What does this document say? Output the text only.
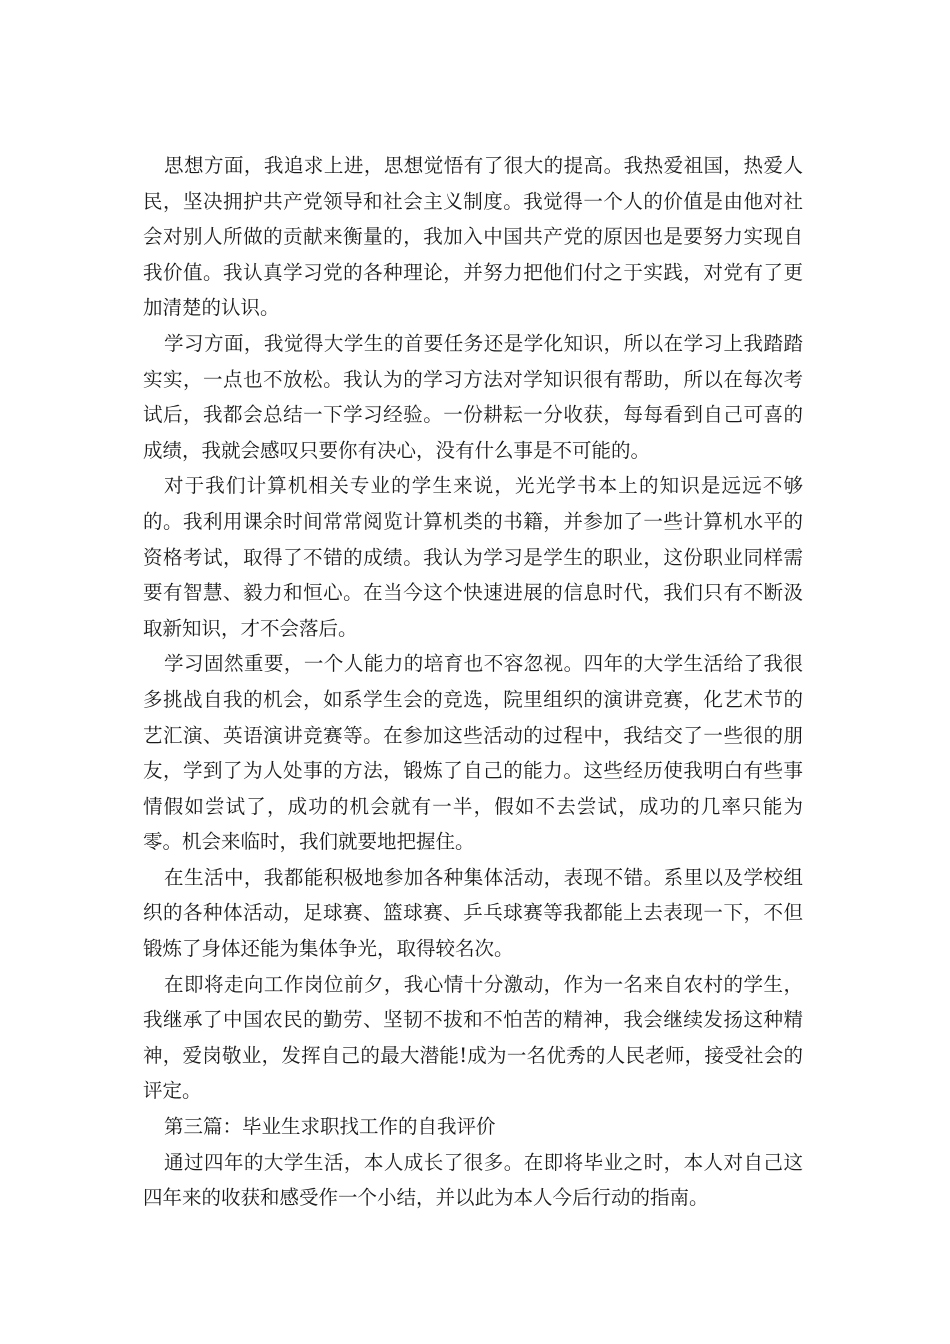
思想方面，我追求上进，思想觉悟有了很大的提高。我热爱祖国，热爱人民，坚决拥护共产党领导和社会主义制度。我觉得一个人的价值是由他对社会对别人所做的贡献来衡量的，我加入中国共产党的原因也是要努力实现自我价值。我认真学习党的各种理论，并努力把他们付之于实践，对党有了更加清楚的认识。

学习方面，我觉得大学生的首要任务还是学化知识，所以在学习上我踏踏实实，一点也不放松。我认为的学习方法对学知识很有帮助，所以在每次考试后，我都会总结一下学习经验。一份耕耘一分收获，每每看到自己可喜的成绩，我就会感叹只要你有决心，没有什么事是不可能的。

对于我们计算机相关专业的学生来说，光光学书本上的知识是远远不够的。我利用课余时间常常阅览计算机类的书籍，并参加了一些计算机水平的资格考试，取得了不错的成绩。我认为学习是学生的职业，这份职业同样需要有智慧、毅力和恒心。在当今这个快速进展的信息时代，我们只有不断汲取新知识，才不会落后。

学习固然重要，一个人能力的培育也不容忽视。四年的大学生活给了我很多挑战自我的机会，如系学生会的竞选，院里组织的演讲竞赛，化艺术节的艺汇演、英语演讲竞赛等。在参加这些活动的过程中，我结交了一些很的朋友，学到了为人处事的方法，锻炼了自己的能力。这些经历使我明白有些事情假如尝试了，成功的机会就有一半，假如不去尝试，成功的几率只能为零。机会来临时，我们就要地把握住。

在生活中，我都能积极地参加各种集体活动，表现不错。系里以及学校组织的各种体活动，足球赛、篮球赛、乒乓球赛等我都能上去表现一下，不但锻炼了身体还能为集体争光，取得较名次。

在即将走向工作岗位前夕，我心情十分激动，作为一名来自农村的学生，我继承了中国农民的勤劳、坚韧不拔和不怕苦的精神，我会继续发扬这种精神，爱岗敬业，发挥自己的最大潜能!成为一名优秀的人民老师，接受社会的评定。

第三篇：毕业生求职找工作的自我评价

通过四年的大学生活，本人成长了很多。在即将毕业之时，本人对自己这四年来的收获和感受作一个小结，并以此为本人今后行动的指南。
